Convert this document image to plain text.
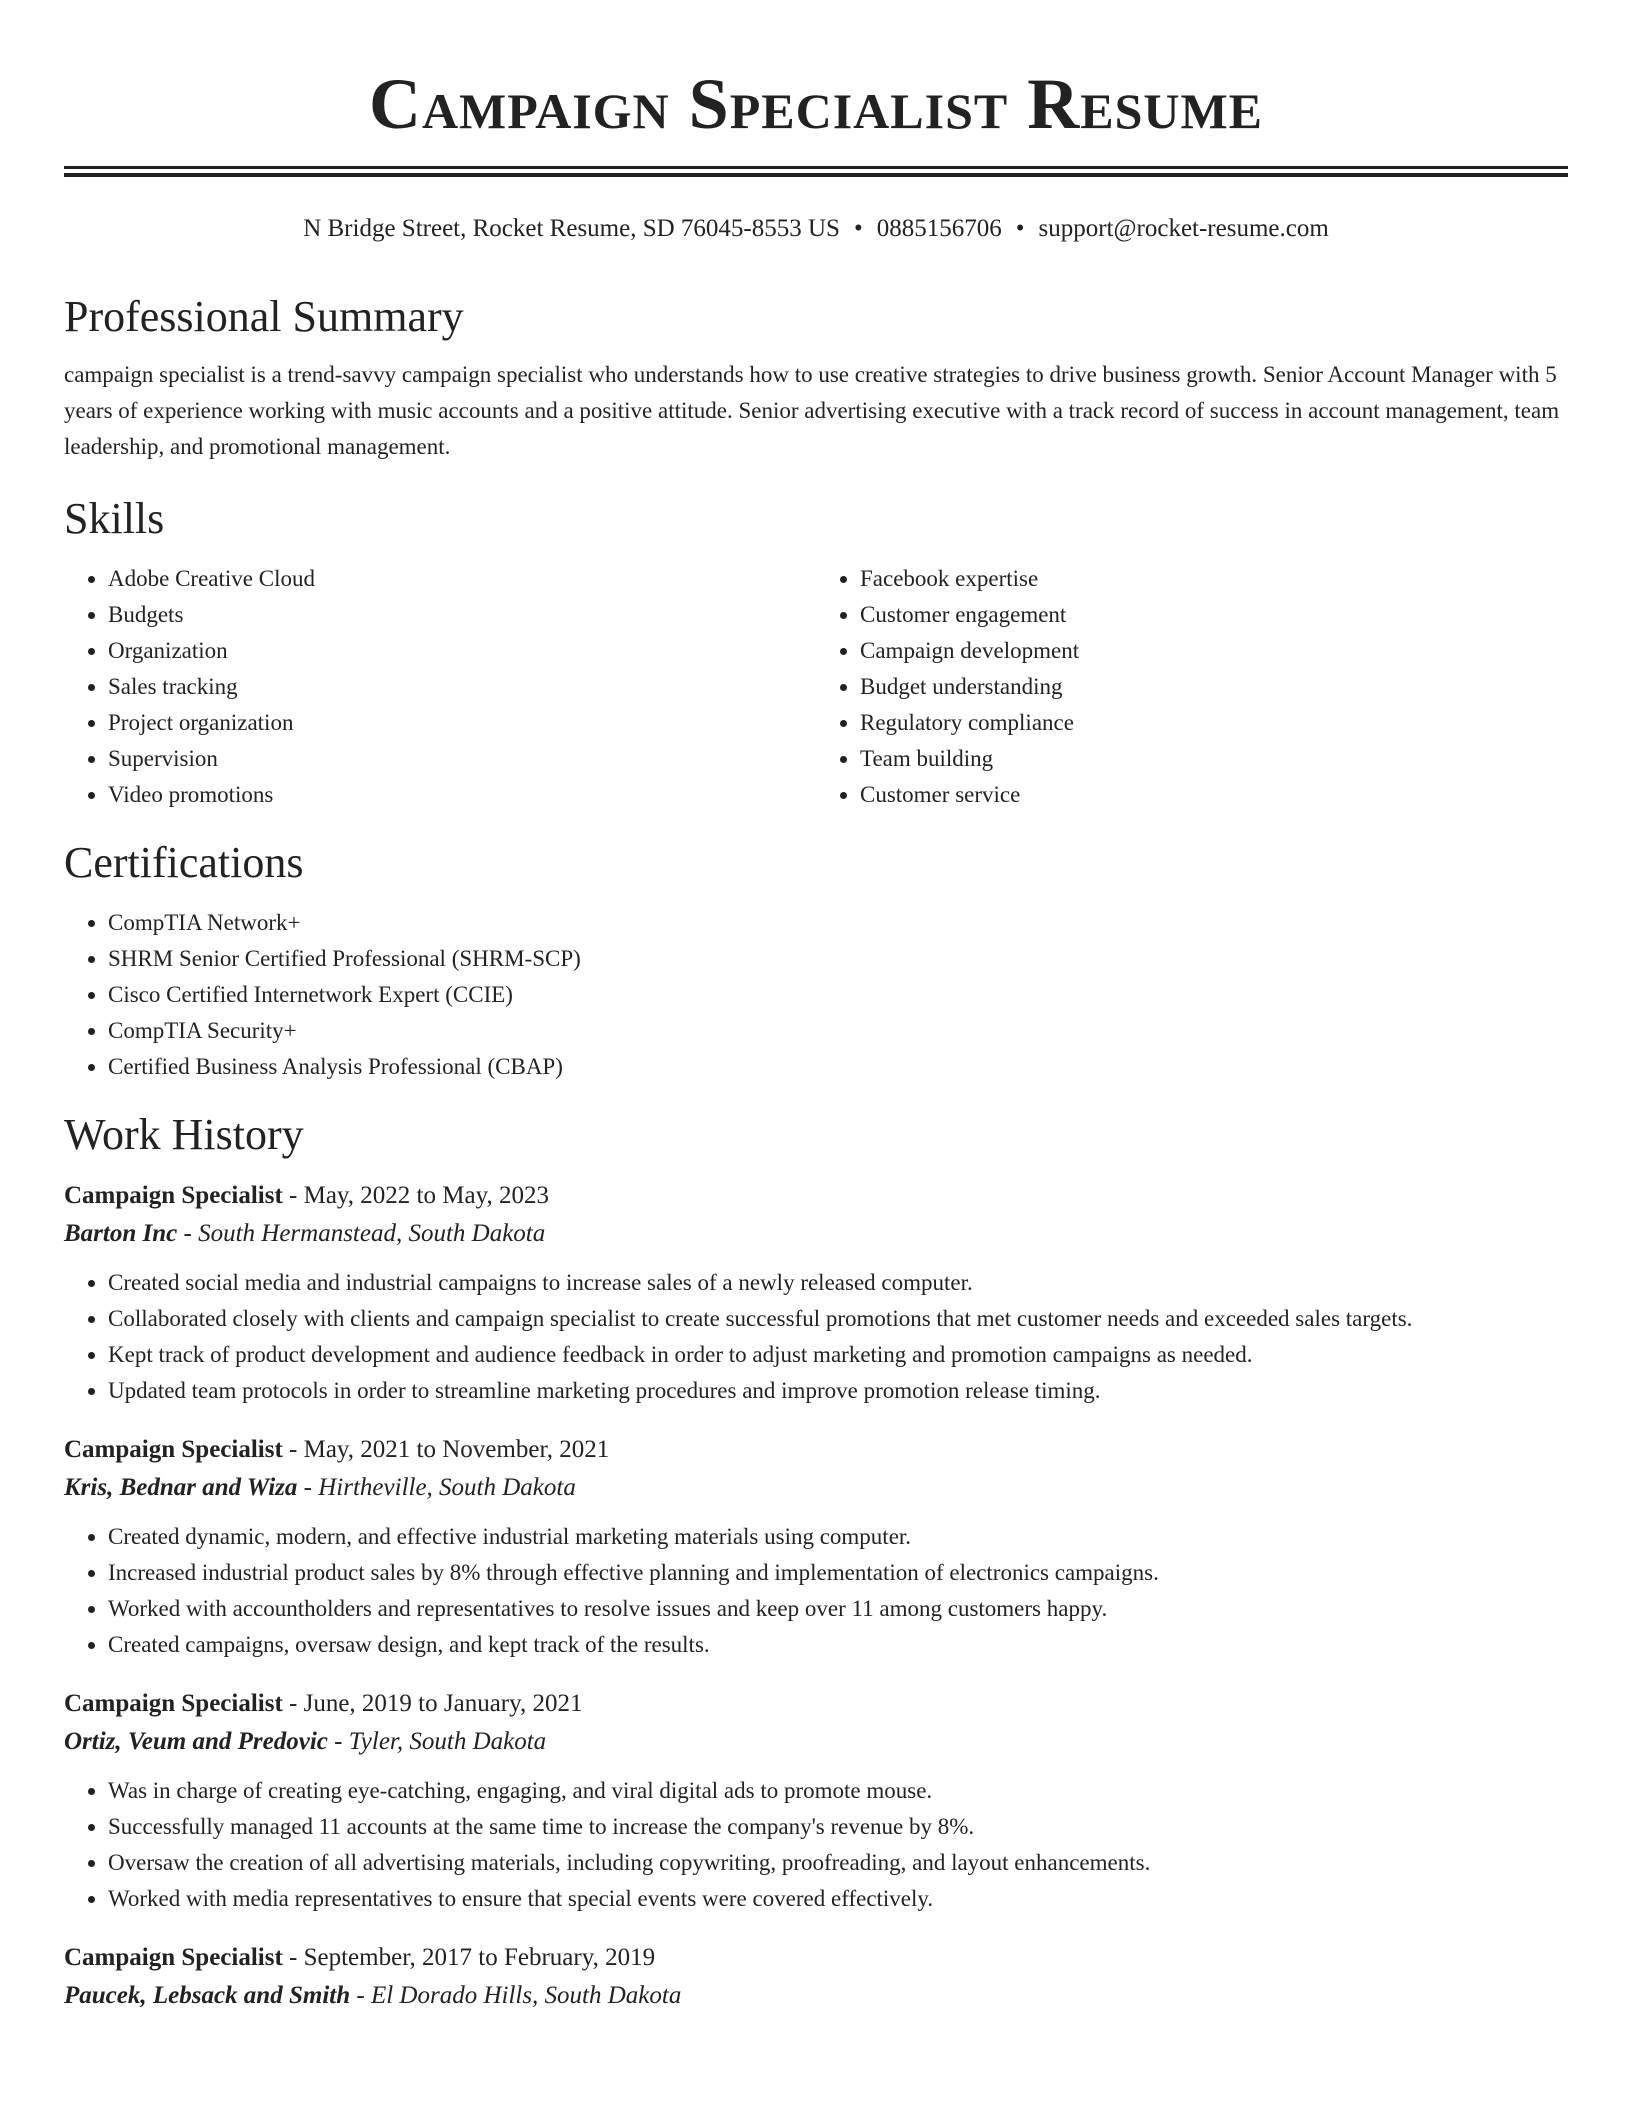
Campaign Specialist Resume
N Bridge Street, Rocket Resume, SD 76045-8553 US • 0885156706 • support@rocket-resume.com
Professional Summary
campaign specialist is a trend-savvy campaign specialist who understands how to use creative strategies to drive business growth. Senior Account Manager with 5 years of experience working with music accounts and a positive attitude. Senior advertising executive with a track record of success in account management, team leadership, and promotional management.
Skills
• Adobe Creative Cloud
• Budgets
• Organization
• Sales tracking
• Project organization
• Supervision
• Video promotions
• Facebook expertise
• Customer engagement
• Campaign development
• Budget understanding
• Regulatory compliance
• Team building
• Customer service
Certifications
• CompTIA Network+
• SHRM Senior Certified Professional (SHRM-SCP)
• Cisco Certified Internetwork Expert (CCIE)
• CompTIA Security+
• Certified Business Analysis Professional (CBAP)
Work History
Campaign Specialist - May, 2022 to May, 2023
Barton Inc - South Hermanstead, South Dakota
• Created social media and industrial campaigns to increase sales of a newly released computer.
• Collaborated closely with clients and campaign specialist to create successful promotions that met customer needs and exceeded sales targets.
• Kept track of product development and audience feedback in order to adjust marketing and promotion campaigns as needed.
• Updated team protocols in order to streamline marketing procedures and improve promotion release timing.
Campaign Specialist - May, 2021 to November, 2021
Kris, Bednar and Wiza - Hirtheville, South Dakota
• Created dynamic, modern, and effective industrial marketing materials using computer.
• Increased industrial product sales by 8% through effective planning and implementation of electronics campaigns.
• Worked with accountholders and representatives to resolve issues and keep over 11 among customers happy.
• Created campaigns, oversaw design, and kept track of the results.
Campaign Specialist - June, 2019 to January, 2021
Ortiz, Veum and Predovic - Tyler, South Dakota
• Was in charge of creating eye-catching, engaging, and viral digital ads to promote mouse.
• Successfully managed 11 accounts at the same time to increase the company's revenue by 8%.
• Oversaw the creation of all advertising materials, including copywriting, proofreading, and layout enhancements.
• Worked with media representatives to ensure that special events were covered effectively.
Campaign Specialist - September, 2017 to February, 2019
Paucek, Lebsack and Smith - El Dorado Hills, South Dakota
